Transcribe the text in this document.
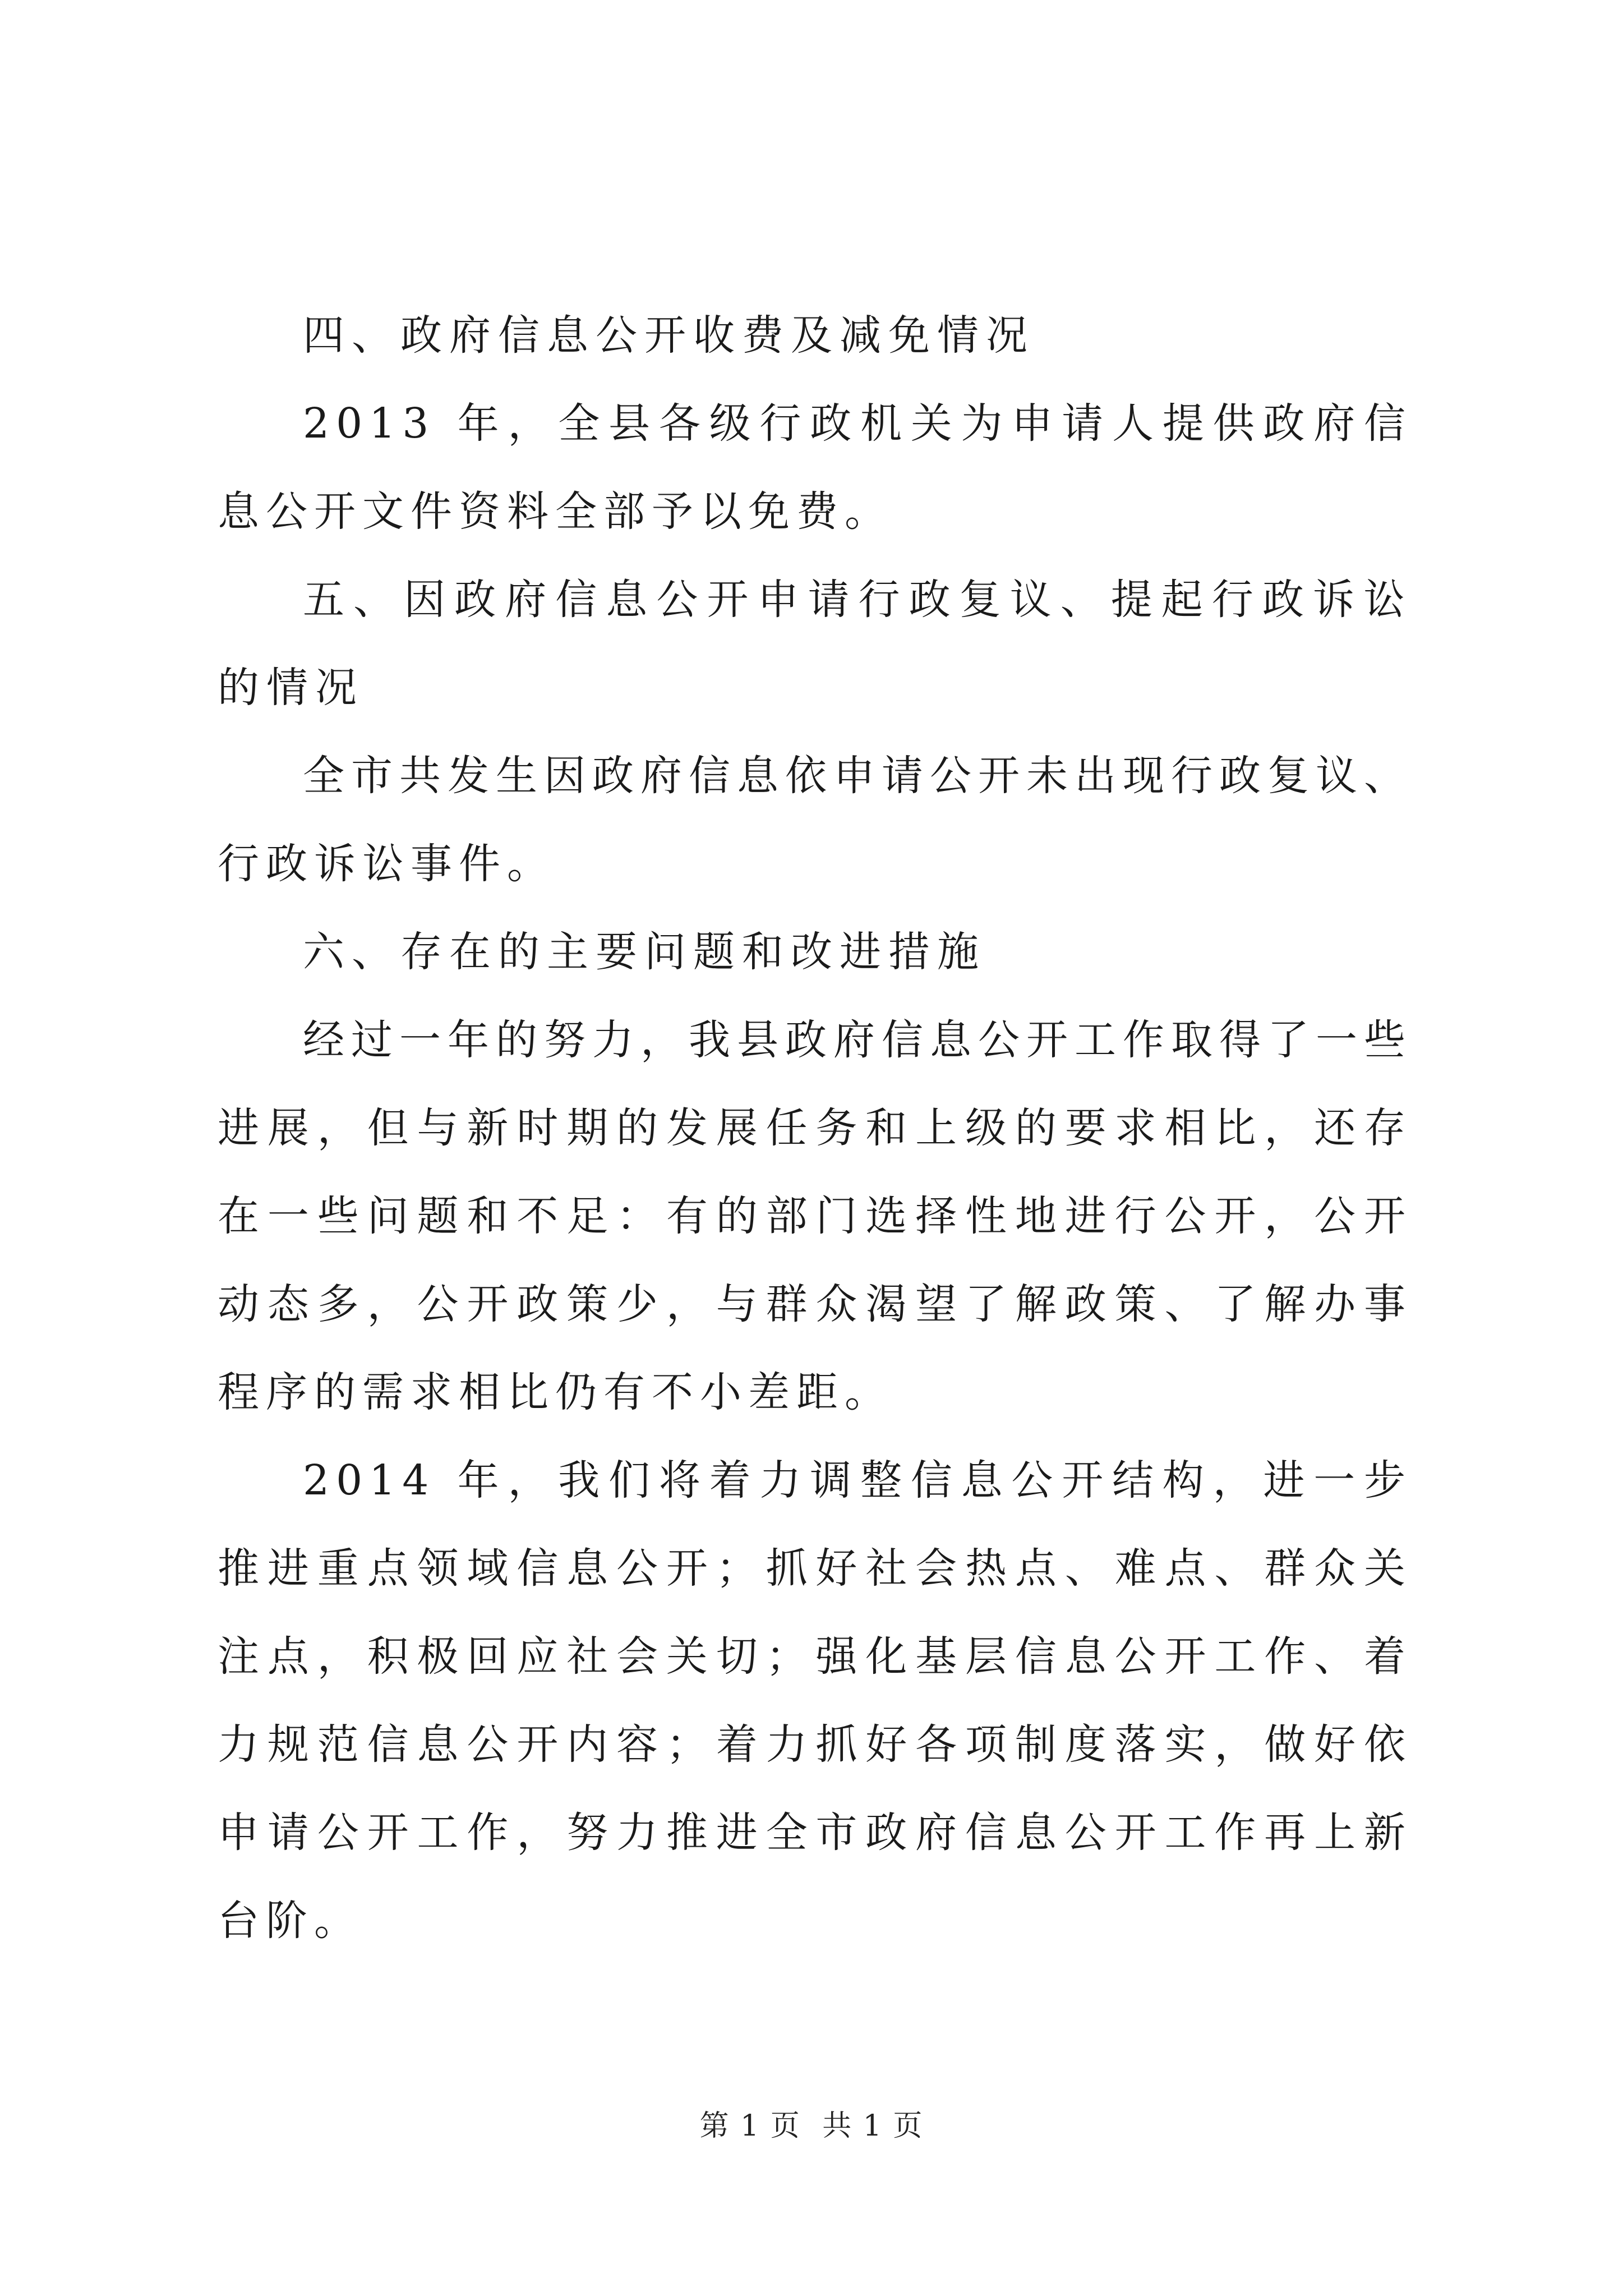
四、政府信息公开收费及减免情况

2013 年，全县各级行政机关为申请人提供政府信息公开文件资料全部予以免费。

五、因政府信息公开申请行政复议、提起行政诉讼的情况

全市共发生因政府信息依申请公开未出现行政复议、行政诉讼事件。

六、存在的主要问题和改进措施

经过一年的努力，我县政府信息公开工作取得了一些进展，但与新时期的发展任务和上级的要求相比，还存在一些问题和不足：有的部门选择性地进行公开，公开动态多，公开政策少，与群众渴望了解政策、了解办事程序的需求相比仍有不小差距。

2014 年，我们将着力调整信息公开结构，进一步推进重点领域信息公开；抓好社会热点、难点、群众关注点，积极回应社会关切；强化基层信息公开工作、着力规范信息公开内容；着力抓好各项制度落实，做好依申请公开工作，努力推进全市政府信息公开工作再上新台阶。

第 1 页 共 1 页
